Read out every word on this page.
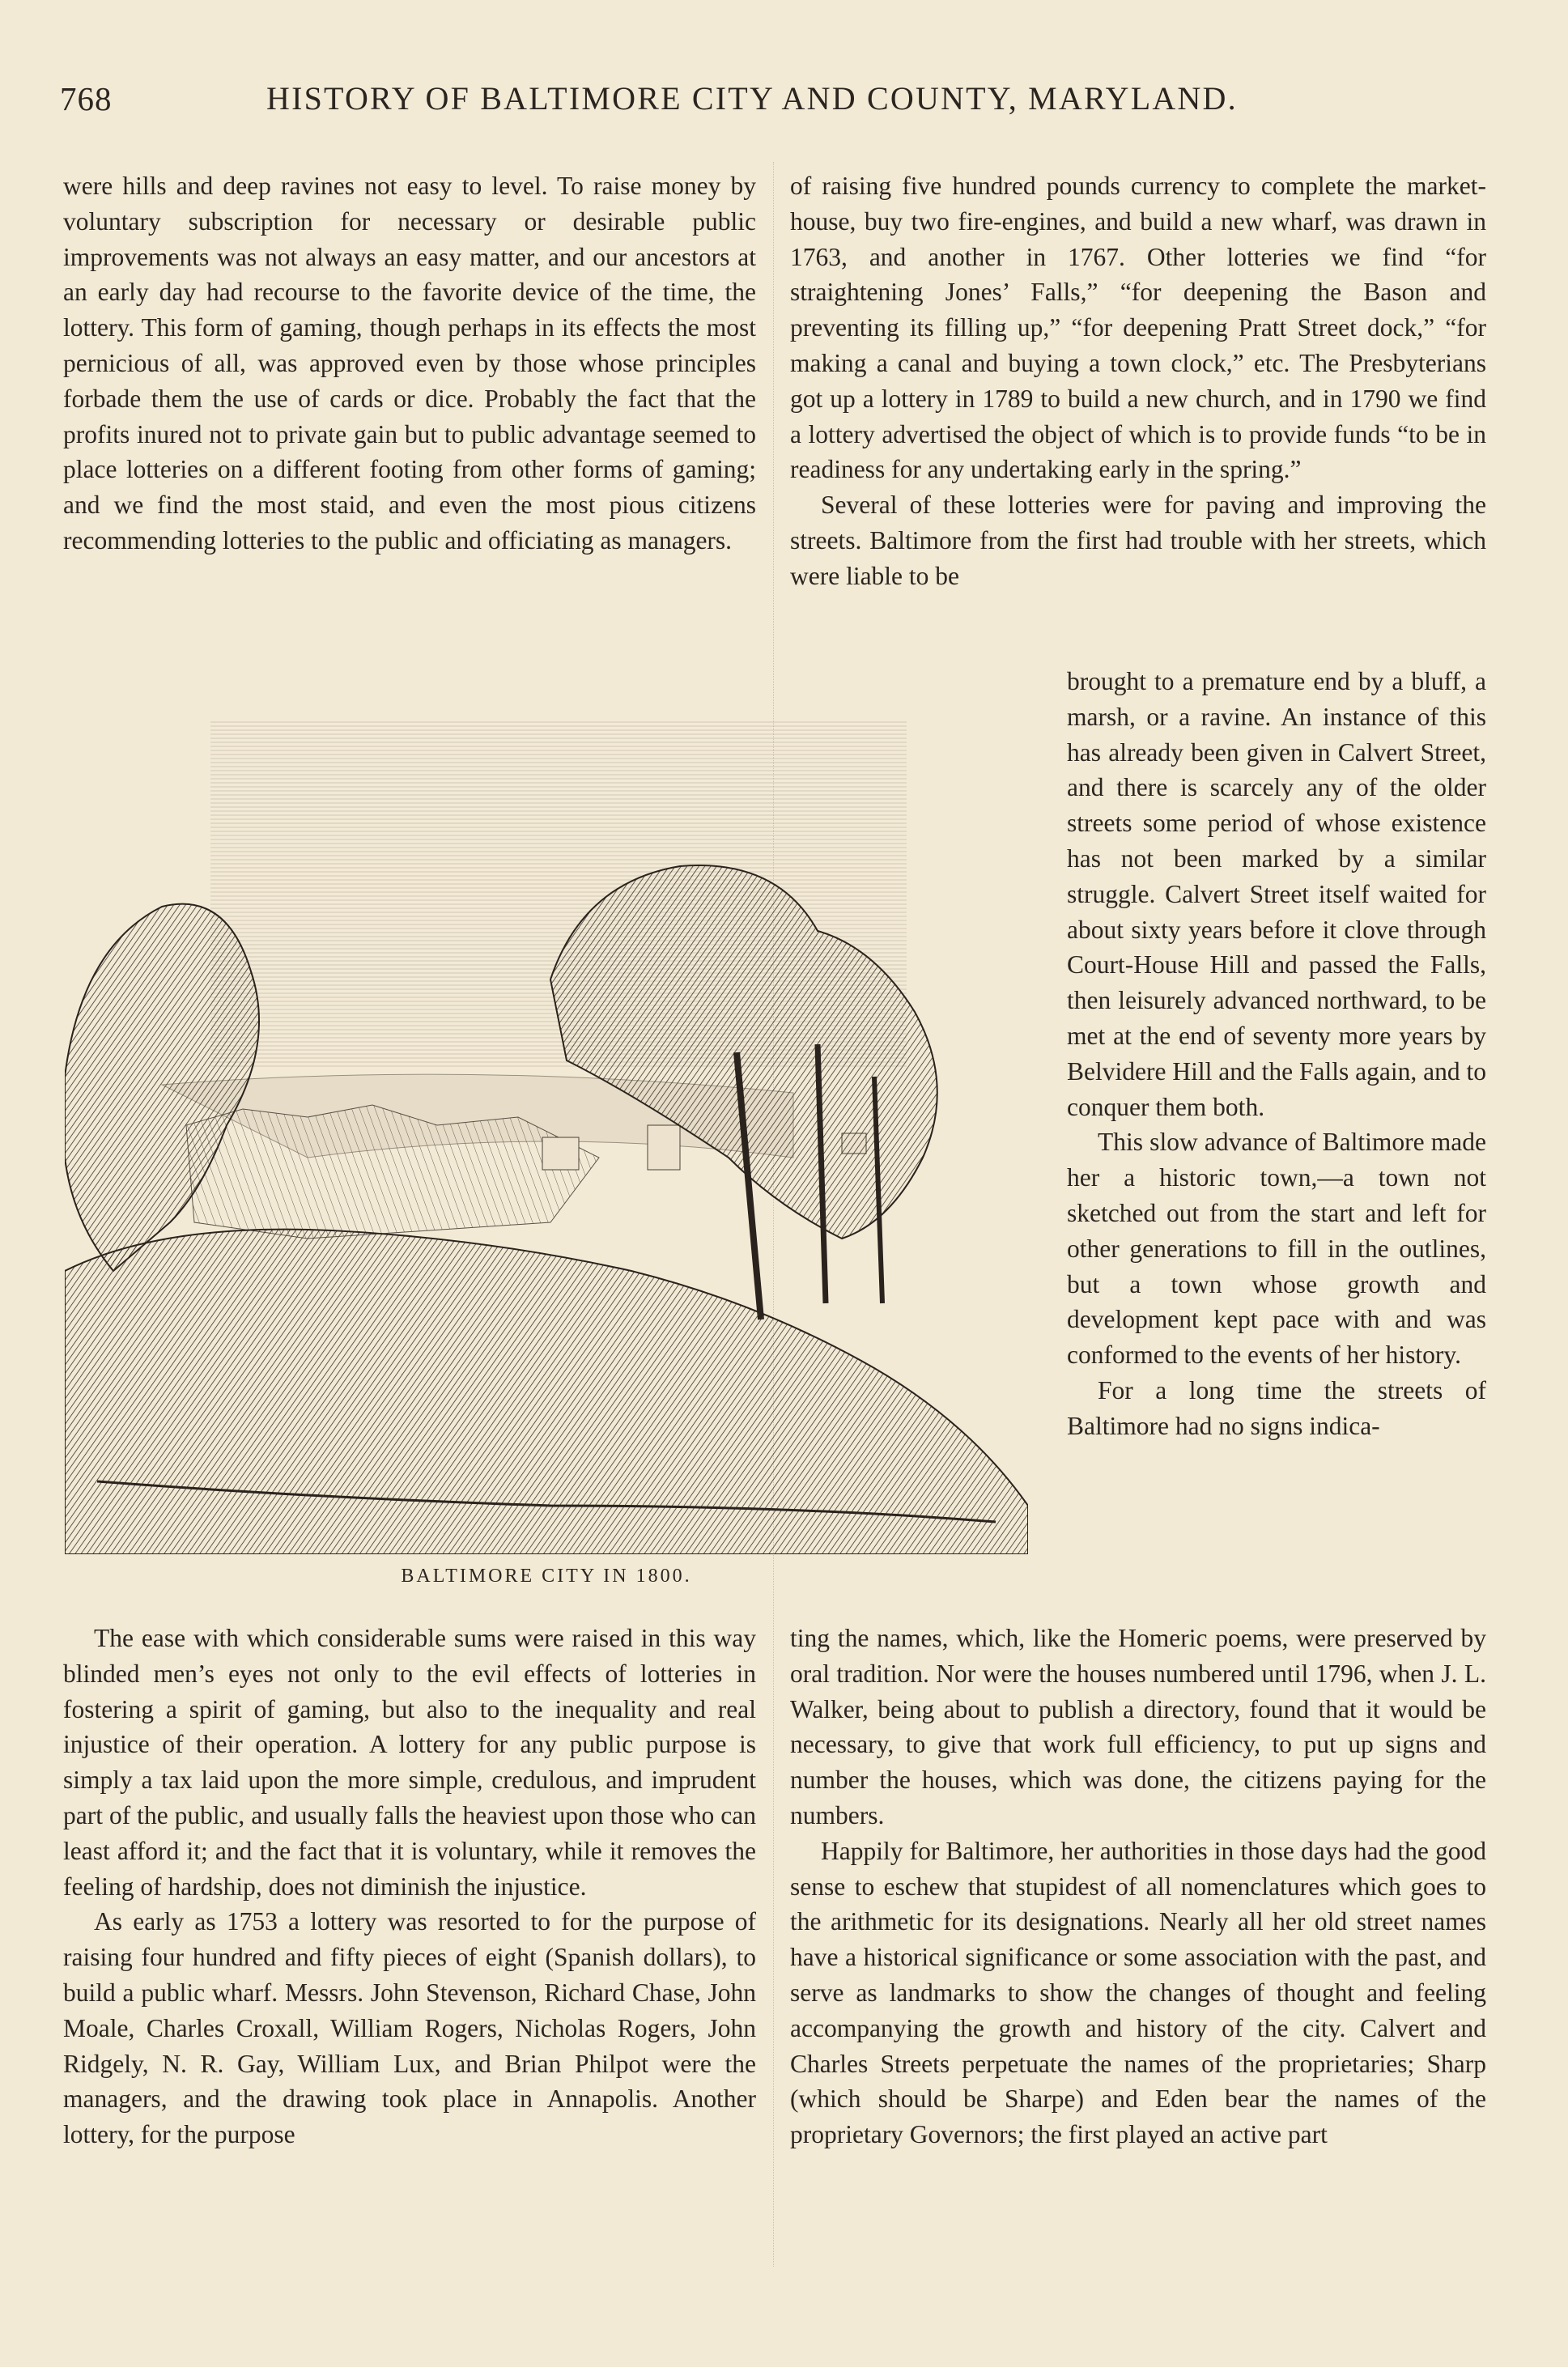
768	HISTORY OF BALTIMORE CITY AND COUNTY, MARYLAND.

were hills and deep ravines not easy to level. To raise money by voluntary subscription for necessary or desirable public improvements was not always an easy matter, and our ancestors at an early day had recourse to the favorite device of the time, the lottery. This form of gaming, though perhaps in its effects the most pernicious of all, was approved even by those whose principles forbade them the use of cards or dice. Probably the fact that the profits inured not to private gain but to public advantage seemed to place lotteries on a different footing from other forms of gaming; and we find the most staid, and even the most pious citizens recommending lotteries to the public and officiating as managers.

of raising five hundred pounds currency to complete the market-house, buy two fire-engines, and build a new wharf, was drawn in 1763, and another in 1767. Other lotteries we find “for straightening Jones’ Falls,” “for deepening the Bason and preventing its filling up,” “for deepening Pratt Street dock,” “for making a canal and buying a town clock,” etc. The Presbyterians got up a lottery in 1789 to build a new church, and in 1790 we find a lottery advertised the object of which is to provide funds “to be in readiness for any undertaking early in the spring.”

Several of these lotteries were for paving and improving the streets. Baltimore from the first had trouble with her streets, which were liable to be

brought to a premature end by a bluff, a marsh, or a ravine. An instance of this has already been given in Calvert Street, and there is scarcely any of the older streets some period of whose existence has not been marked by a similar struggle. Calvert Street itself waited for about sixty years before it clove through Court-House Hill and passed the Falls, then leisurely advanced northward, to be met at the end of seventy more years by Belvidere Hill and the Falls again, and to conquer them both.

This slow advance of Baltimore made her a historic town,—a town not sketched out from the start and left for other generations to fill in the outlines, but a town whose growth and development kept pace with and was conformed to the events of her history.

For a long time the streets of Baltimore had no signs indica-

BALTIMORE CITY IN 1800.

The ease with which considerable sums were raised in this way blinded men’s eyes not only to the evil effects of lotteries in fostering a spirit of gaming, but also to the inequality and real injustice of their operation. A lottery for any public purpose is simply a tax laid upon the more simple, credulous, and imprudent part of the public, and usually falls the heaviest upon those who can least afford it; and the fact that it is voluntary, while it removes the feeling of hardship, does not diminish the injustice.

As early as 1753 a lottery was resorted to for the purpose of raising four hundred and fifty pieces of eight (Spanish dollars), to build a public wharf. Messrs. John Stevenson, Richard Chase, John Moale, Charles Croxall, William Rogers, Nicholas Rogers, John Ridgely, N. R. Gay, William Lux, and Brian Philpot were the managers, and the drawing took place in Annapolis. Another lottery, for the purpose

ting the names, which, like the Homeric poems, were preserved by oral tradition. Nor were the houses numbered until 1796, when J. L. Walker, being about to publish a directory, found that it would be necessary, to give that work full efficiency, to put up signs and number the houses, which was done, the citizens paying for the numbers.

Happily for Baltimore, her authorities in those days had the good sense to eschew that stupidest of all nomenclatures which goes to the arithmetic for its designations. Nearly all her old street names have a historical significance or some association with the past, and serve as landmarks to show the changes of thought and feeling accompanying the growth and history of the city. Calvert and Charles Streets perpetuate the names of the proprietaries; Sharp (which should be Sharpe) and Eden bear the names of the proprietary Governors; the first played an active part
